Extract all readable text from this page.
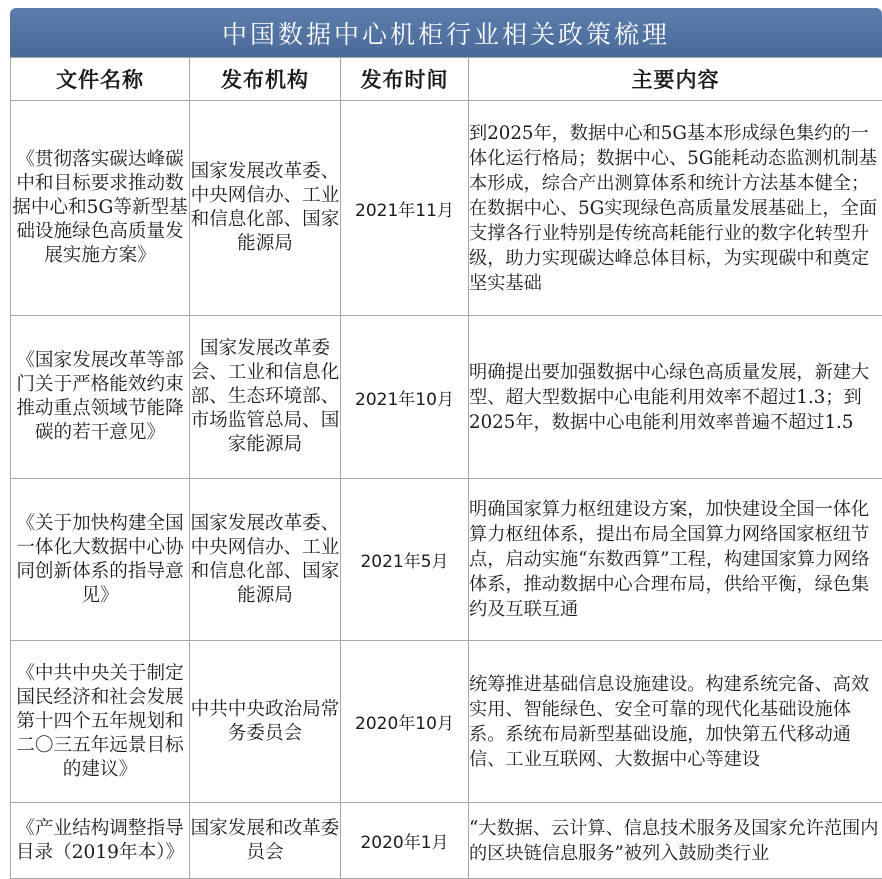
中国数据中心机柜行业相关政策梳理
文件名称	发布机构	发布时间	主要内容
《贯彻落实碳达峰碳中和目标要求推动数据中心和5G等新型基础设施绿色高质量发展实施方案》	国家发展改革委、中央网信办、工业和信息化部、国家能源局	2021年11月	到2025年，数据中心和5G基本形成绿色集约的一体化运行格局；数据中心、5G能耗动态监测机制基本形成，综合产出测算体系和统计方法基本健全；在数据中心、5G实现绿色高质量发展基础上，全面支撑各行业特别是传统高耗能行业的数字化转型升级，助力实现碳达峰总体目标，为实现碳中和奠定坚实基础
《国家发展改革等部门关于严格能效约束推动重点领域节能降碳的若干意见》	国家发展改革委会、工业和信息化部、生态环境部、市场监管总局、国家能源局	2021年10月	明确提出要加强数据中心绿色高质量发展，新建大型、超大型数据中心电能利用效率不超过1.3；到2025年，数据中心电能利用效率普遍不超过1.5
《关于加快构建全国一体化大数据中心协同创新体系的指导意见》	国家发展改革委、中央网信办、工业和信息化部、国家能源局	2021年5月	明确国家算力枢纽建设方案，加快建设全国一体化算力枢纽体系，提出布局全国算力网络国家枢纽节点，启动实施“东数西算”工程，构建国家算力网络体系，推动数据中心合理布局，供给平衡，绿色集约及互联互通
《中共中央关于制定国民经济和社会发展第十四个五年规划和二〇三五年远景目标的建议》	中共中央政治局常务委员会	2020年10月	统筹推进基础信息设施建设。构建系统完备、高效实用、智能绿色、安全可靠的现代化基础设施体系。系统布局新型基础设施，加快第五代移动通信、工业互联网、大数据中心等建设
《产业结构调整指导目录（2019年本）》	国家发展和改革委员会	2020年1月	“大数据、云计算、信息技术服务及国家允许范围内的区块链信息服务”被列入鼓励类行业
